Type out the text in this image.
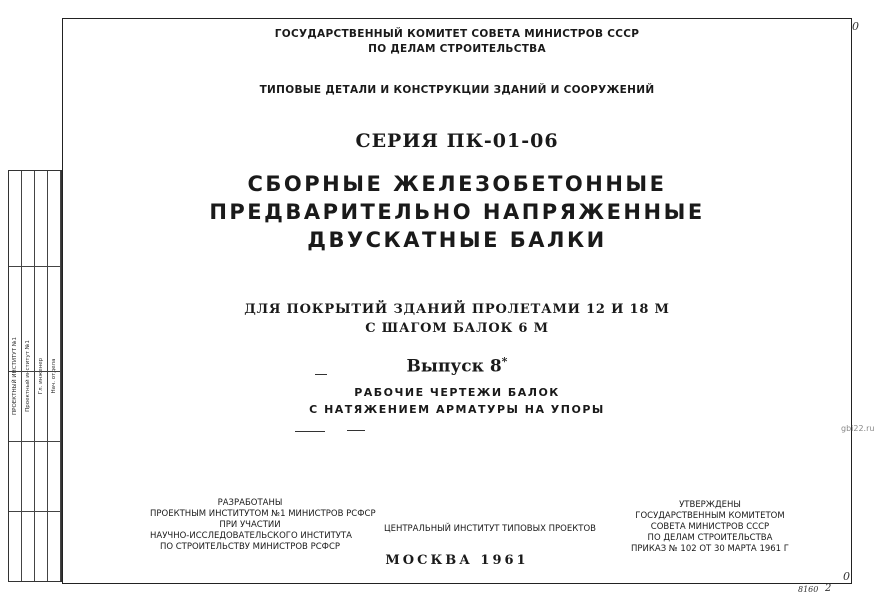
ПРОЕКТНЫЙ ИНСТИТУТ №1 Проектный институт №1 Гл. инженер Нач. отдела
ГОСУДАРСТВЕННЫЙ КОМИТЕТ СОВЕТА МИНИСТРОВ СССР
ПО ДЕЛАМ СТРОИТЕЛЬСТВА
ТИПОВЫЕ ДЕТАЛИ И КОНСТРУКЦИИ ЗДАНИЙ И СООРУЖЕНИЙ
СЕРИЯ ПК-01-06
СБОРНЫЕ ЖЕЛЕЗОБЕТОННЫЕ
ПРЕДВАРИТЕЛЬНО НАПРЯЖЕННЫЕ
ДВУСКАТНЫЕ БАЛКИ
ДЛЯ ПОКРЫТИЙ ЗДАНИЙ ПРОЛЕТАМИ 12 И 18 М
С ШАГОМ БАЛОК 6 М
Выпуск 8*
РАБОЧИЕ ЧЕРТЕЖИ БАЛОК
С НАТЯЖЕНИЕМ АРМАТУРЫ НА УПОРЫ
РАЗРАБОТАНЫ
ПРОЕКТНЫМ ИНСТИТУТОМ №1 МИНИСТРОВ РСФСР
ПРИ УЧАСТИИ
НАУЧНО-ИССЛЕДОВАТЕЛЬСКОГО ИНСТИТУТА
ПО СТРОИТЕЛЬСТВУ МИНИСТРОВ РСФСР
ЦЕНТРАЛЬНЫЙ ИНСТИТУТ ТИПОВЫХ ПРОЕКТОВ
УТВЕРЖДЕНЫ
ГОСУДАРСТВЕННЫМ КОМИТЕТОМ
СОВЕТА МИНИСТРОВ СССР
ПО ДЕЛАМ СТРОИТЕЛЬСТВА
ПРИКАЗ № 102 ОТ 30 МАРТА 1961 Г
МОСКВА 1961
0
8160 2
0
gbi22.ru
